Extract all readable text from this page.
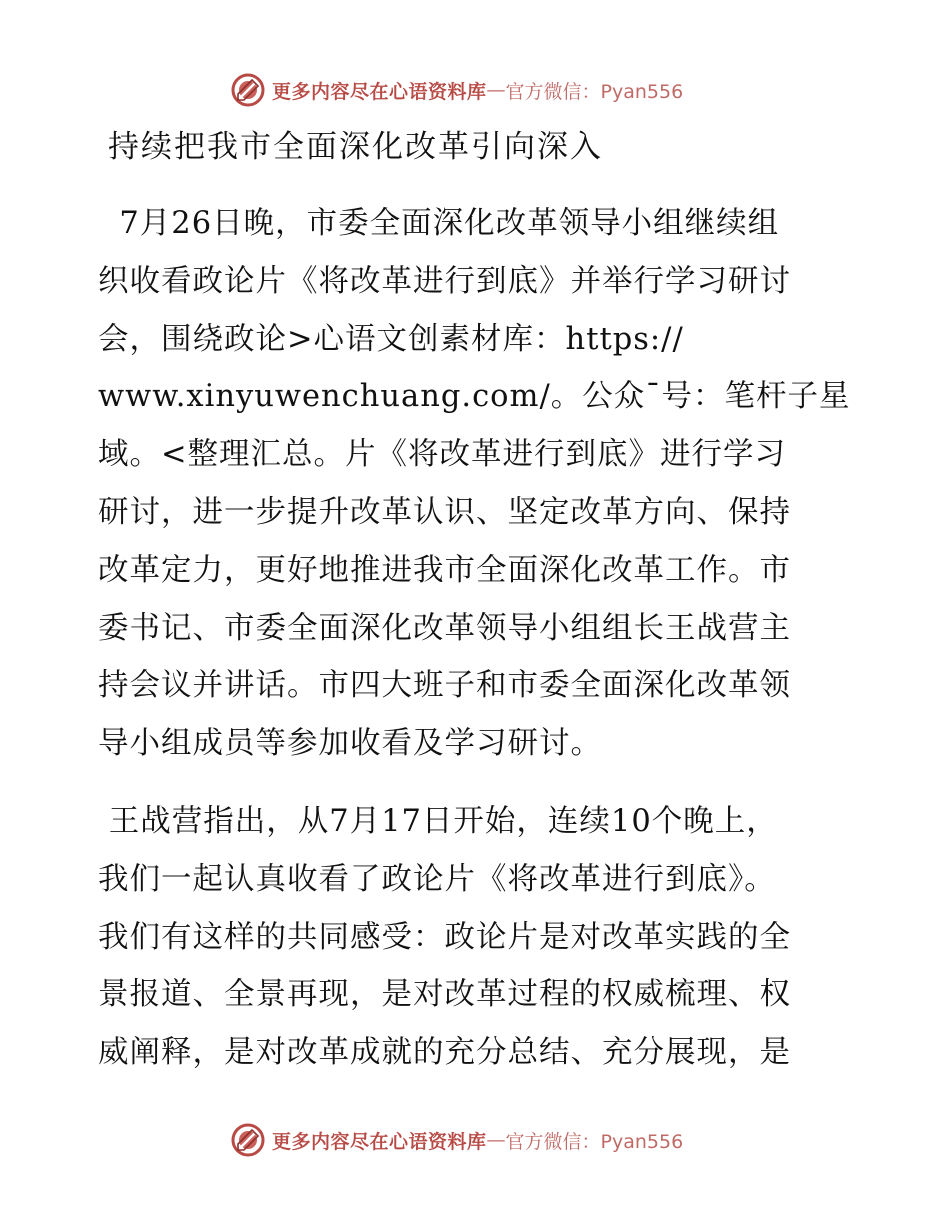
更多内容尽在心语资料库 — 官方微信：Pyan556
持续把我市全面深化改革引向深入

7月26日晚，市委全面深化改革领导小组继续组
织收看政论片《将改革进行到底》并举行学习研讨
会，围绕政论>心语文创素材库：https://
www.xinyuwenchuang.com/。公众¯号：笔杆子星
域。<整理汇总。片《将改革进行到底》进行学习
研讨，进一步提升改革认识、坚定改革方向、保持
改革定力，更好地推进我市全面深化改革工作。市
委书记、市委全面深化改革领导小组组长王战营主
持会议并讲话。市四大班子和市委全面深化改革领
导小组成员等参加收看及学习研讨。

王战营指出，从7月17日开始，连续10个晚上，
我们一起认真收看了政论片《将改革进行到底》。
我们有这样的共同感受：政论片是对改革实践的全
景报道、全景再现，是对改革过程的权威梳理、权
威阐释，是对改革成就的充分总结、充分展现，是

更多内容尽在心语资料库 — 官方微信：Pyan556
